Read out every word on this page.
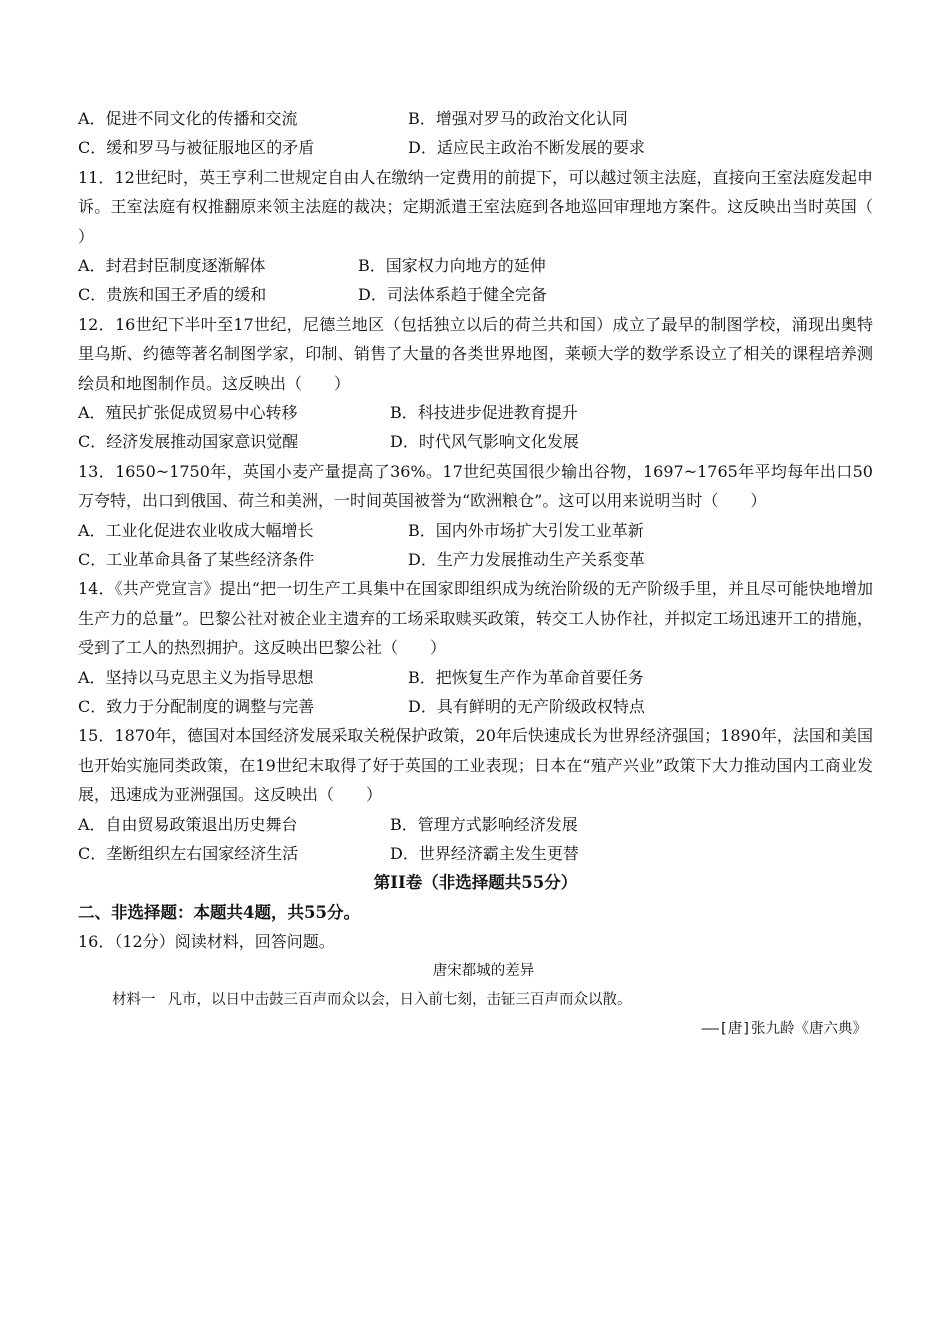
A．促进不同文化的传播和交流	B．增强对罗马的政治文化认同
C．缓和罗马与被征服地区的矛盾	D．适应民主政治不断发展的要求
11．12世纪时，英王亨利二世规定自由人在缴纳一定费用的前提下，可以越过领主法庭，直接向王室法庭发起申诉。王室法庭有权推翻原来领主法庭的裁决；定期派遣王室法庭到各地巡回审理地方案件。这反映出当时英国（　　）
A．封君封臣制度逐渐解体	B．国家权力向地方的延伸
C．贵族和国王矛盾的缓和	D．司法体系趋于健全完备
12．16世纪下半叶至17世纪，尼德兰地区（包括独立以后的荷兰共和国）成立了最早的制图学校，涌现出奥特里乌斯、约德等著名制图学家，印制、销售了大量的各类世界地图，莱顿大学的数学系设立了相关的课程培养测绘员和地图制作员。这反映出（　　）
A．殖民扩张促成贸易中心转移	B．科技进步促进教育提升
C．经济发展推动国家意识觉醒	D．时代风气影响文化发展
13．1650~1750年，英国小麦产量提高了36%。17世纪英国很少输出谷物，1697~1765年平均每年出口50万夸特，出口到俄国、荷兰和美洲，一时间英国被誉为“欧洲粮仓”。这可以用来说明当时（　　）
A．工业化促进农业收成大幅增长	B．国内外市场扩大引发工业革新
C．工业革命具备了某些经济条件	D．生产力发展推动生产关系变革
14．《共产党宣言》提出“把一切生产工具集中在国家即组织成为统治阶级的无产阶级手里，并且尽可能快地增加生产力的总量”。巴黎公社对被企业主遗弃的工场采取赎买政策，转交工人协作社，并拟定工场迅速开工的措施，受到了工人的热烈拥护。这反映出巴黎公社（　　）
A．坚持以马克思主义为指导思想	B．把恢复生产作为革命首要任务
C．致力于分配制度的调整与完善	D．具有鲜明的无产阶级政权特点
15．1870年，德国对本国经济发展采取关税保护政策，20年后快速成长为世界经济强国；1890年，法国和美国也开始实施同类政策，在19世纪末取得了好于英国的工业表现；日本在“殖产兴业”政策下大力推动国内工商业发展，迅速成为亚洲强国。这反映出（　　）
A．自由贸易政策退出历史舞台	B．管理方式影响经济发展
C．垄断组织左右国家经济生活	D．世界经济霸主发生更替
第II卷（非选择题共55分）
二、非选择题：本题共4题，共55分。
16．（12分）阅读材料，回答问题。
唐宋都城的差异
材料一 凡市，以日中击鼓三百声而众以会，日入前七刻，击钲三百声而众以散。
——[唐]张九龄《唐六典》
